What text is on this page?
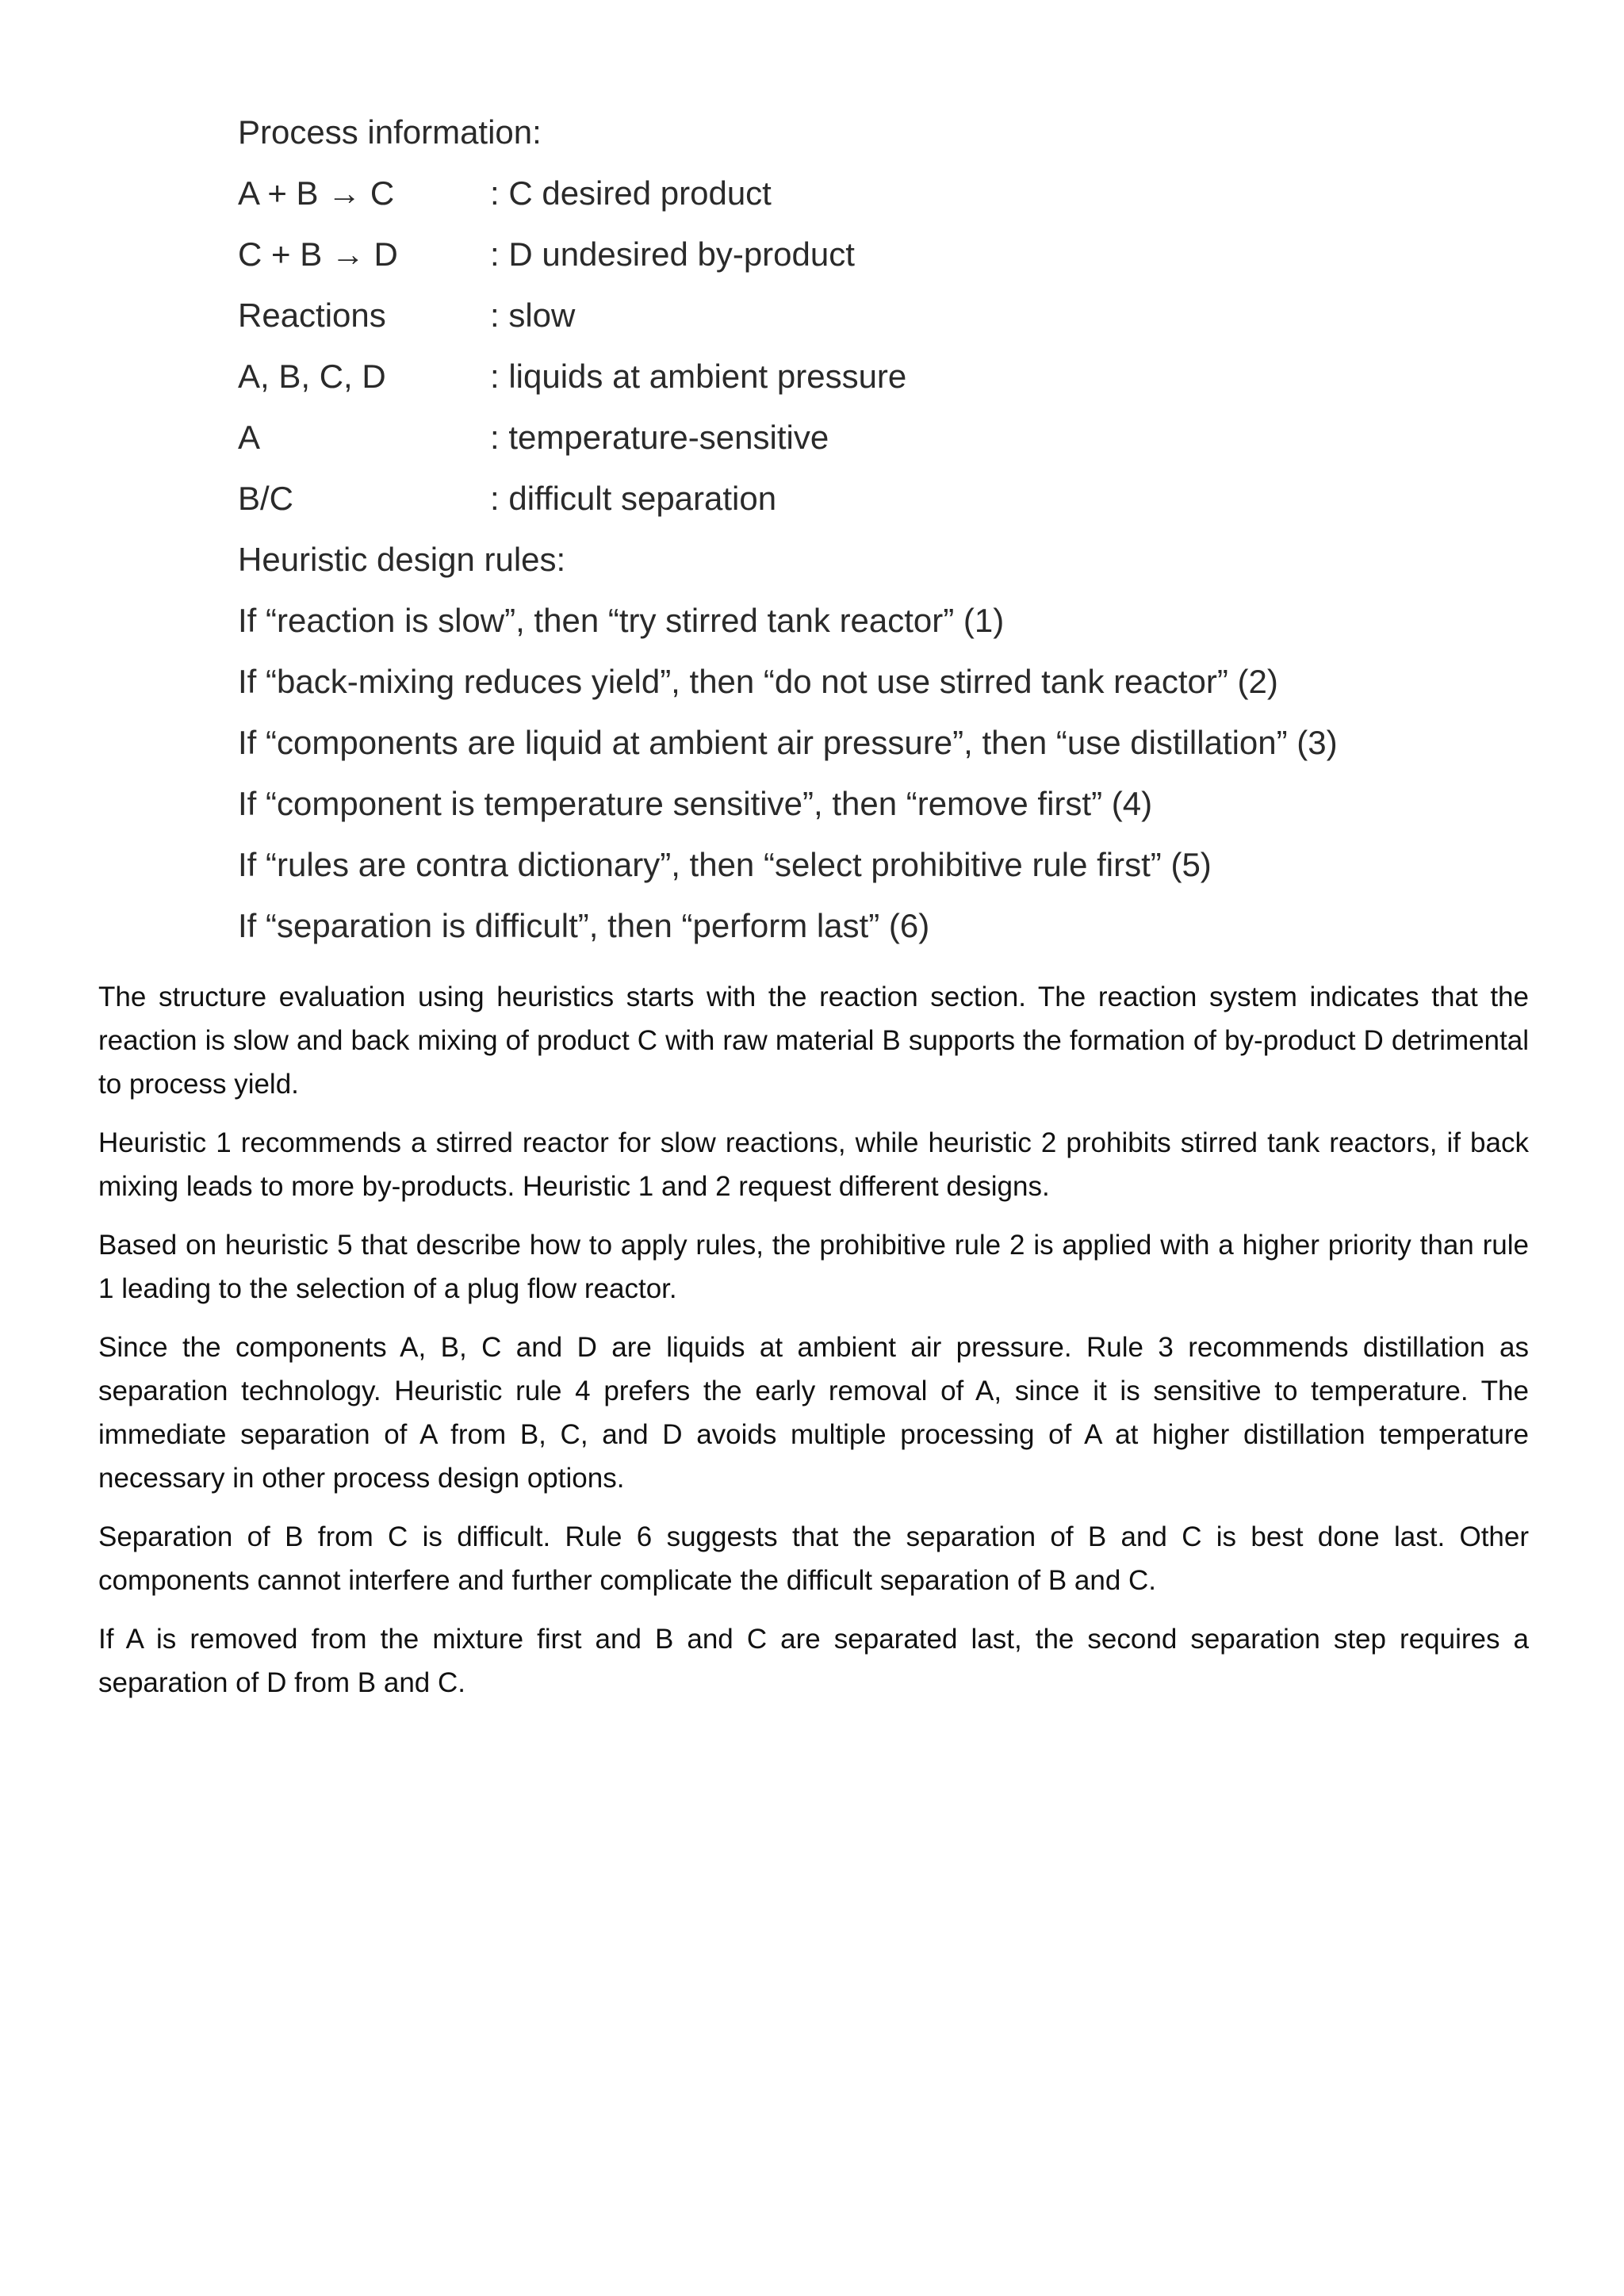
Process information:
A + B → C	: C desired product
C + B → D	: D undesired by-product
Reactions	: slow
A, B, C, D	: liquids at ambient pressure
A	: temperature-sensitive
B/C	: difficult separation
Heuristic design rules:
If “reaction is slow”, then “try stirred tank reactor” (1)
If “back-mixing reduces yield”, then “do not use stirred tank reactor” (2)
If “components are liquid at ambient air pressure”, then “use distillation” (3)
If “component is temperature sensitive”, then “remove first” (4)
If “rules are contra dictionary”, then “select prohibitive rule first” (5)
If “separation is difficult”, then “perform last” (6)

The structure evaluation using heuristics starts with the reaction section. The reaction system indicates that the reaction is slow and back mixing of product C with raw material B supports the formation of by-product D detrimental to process yield.

Heuristic 1 recommends a stirred reactor for slow reactions, while heuristic 2 prohibits stirred tank reactors, if back mixing leads to more by-products. Heuristic 1 and 2 request different designs.

Based on heuristic 5 that describe how to apply rules, the prohibitive rule 2 is applied with a higher priority than rule 1 leading to the selection of a plug flow reactor.

Since the components A, B, C and D are liquids at ambient air pressure. Rule 3 recommends distillation as separation technology. Heuristic rule 4 prefers the early removal of A, since it is sensitive to temperature. The immediate separation of A from B, C, and D avoids multiple processing of A at higher distillation temperature necessary in other process design options.

Separation of B from C is difficult. Rule 6 suggests that the separation of B and C is best done last. Other components cannot interfere and further complicate the difficult separation of B and C.

If A is removed from the mixture first and B and C are separated last, the second separation step requires a separation of D from B and C.
